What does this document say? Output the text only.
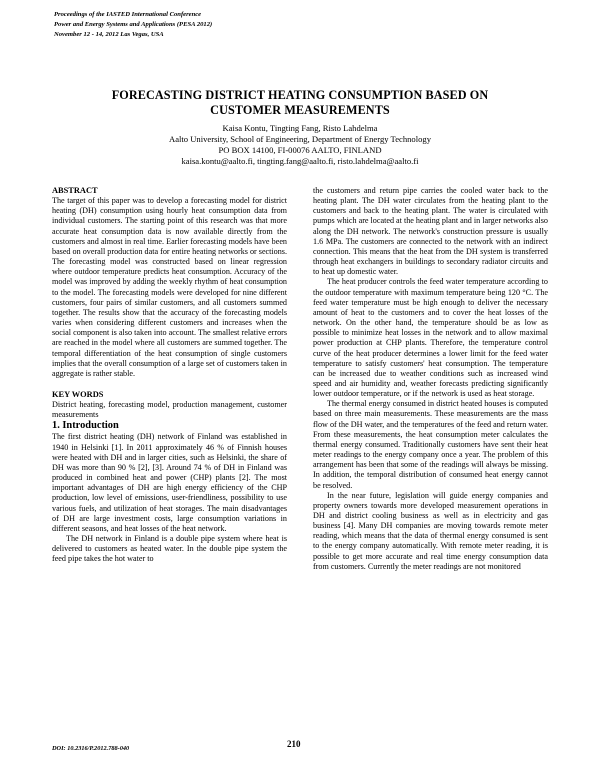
Proceedings of the IASTED International Conference
Power and Energy Systems and Applications (PESA 2012)
November 12 - 14, 2012 Las Vegas, USA
FORECASTING DISTRICT HEATING CONSUMPTION BASED ON
CUSTOMER MEASUREMENTS
Kaisa Kontu, Tingting Fang, Risto Lahdelma
Aalto University, School of Engineering, Department of Energy Technology
PO BOX 14100, FI-00076 AALTO, FINLAND
kaisa.kontu@aalto.fi, tingting.fang@aalto.fi, risto.lahdelma@aalto.fi

ABSTRACT

The target of this paper was to develop a forecasting model for district heating (DH) consumption using hourly heat consumption data from individual customers. The starting point of this research was that more accurate heat consumption data is now available directly from the customers and almost in real time. Earlier forecasting models have been based on overall production data for entire heating networks or sections. The forecasting model was constructed based on linear regression where outdoor temperature predicts heat consumption. Accuracy of the model was improved by adding the weekly rhythm of heat consumption to the model. The forecasting models were developed for nine different customers, four pairs of similar customers, and all customers summed together. The results show that the accuracy of the forecasting models varies when considering different customers and increases when the social component is also taken into account. The smallest relative errors are reached in the model where all customers are summed together. The temporal differentiation of the heat consumption of single customers implies that the overall consumption of a large set of customers taken in aggregate is rather stable.

KEY WORDS

District heating, forecasting model, production management, customer measurements

1. Introduction

The first district heating (DH) network of Finland was established in 1940 in Helsinki [1]. In 2011 approximately 46 % of Finnish houses were heated with DH and in larger cities, such as Helsinki, the share of DH was more than 90 % [2], [3]. Around 74 % of DH in Finland was produced in combined heat and power (CHP) plants [2]. The most important advantages of DH are high energy efficiency of the CHP production, low level of emissions, user-friendliness, possibility to use various fuels, and utilization of heat storages. The main disadvantages of DH are large investment costs, large consumption variations in different seasons, and heat losses of the heat network.

The DH network in Finland is a double pipe system where heat is delivered to customers as heated water. In the double pipe system the feed pipe takes the hot water to

the customers and return pipe carries the cooled water back to the heating plant. The DH water circulates from the heating plant to the customers and back to the heating plant. The water is circulated with pumps which are located at the heating plant and in larger networks also along the DH network. The network's construction pressure is usually 1.6 MPa. The customers are connected to the network with an indirect connection. This means that the heat from the DH system is transferred through heat exchangers in buildings to secondary radiator circuits and to heat up domestic water.

The heat producer controls the feed water temperature according to the outdoor temperature with maximum temperature being 120 °C. The feed water temperature must be high enough to deliver the necessary amount of heat to the customers and to cover the heat losses of the network. On the other hand, the temperature should be as low as possible to minimize heat losses in the network and to allow maximal power production at CHP plants. Therefore, the temperature control curve of the heat producer determines a lower limit for the feed water temperature to satisfy customers' heat consumption. The temperature can be increased due to weather conditions such as increased wind speed and air humidity and, weather forecasts predicting significantly lower outdoor temperature, or if the network is used as heat storage.

The thermal energy consumed in district heated houses is computed based on three main measurements. These measurements are the mass flow of the DH water, and the temperatures of the feed and return water. From these measurements, the heat consumption meter calculates the thermal energy consumed. Traditionally customers have sent their heat meter readings to the energy company once a year. The problem of this arrangement has been that some of the readings will always be missing. In addition, the temporal distribution of consumed heat energy cannot be resolved.

In the near future, legislation will guide energy companies and property owners towards more developed measurement operations in DH and district cooling business as well as in electricity and gas business [4]. Many DH companies are moving towards remote meter reading, which means that the data of thermal energy consumed is sent to the energy company automatically. With remote meter reading, it is possible to get more accurate and real time energy consumption data from customers. Currently the meter readings are not monitored

DOI: 10.2316/P.2012.788-040	210
